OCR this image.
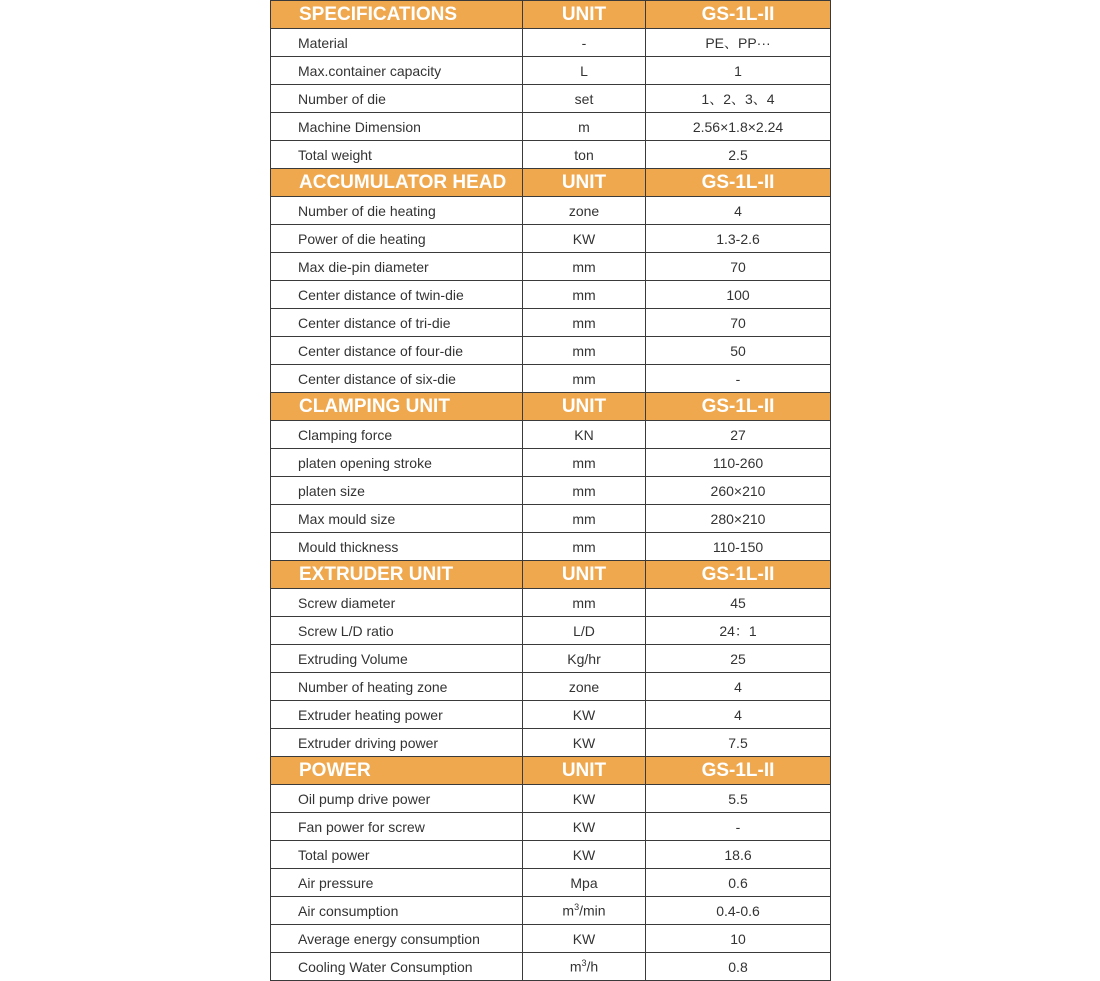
SPECIFICATIONS	UNIT	GS-1L-II
Material	-	PE、PP···
Max.container capacity	L	1
Number of die	set	1、2、3、4
Machine Dimension	m	2.56×1.8×2.24
Total weight	ton	2.5
ACCUMULATOR HEAD	UNIT	GS-1L-II
Number of die heating	zone	4
Power of die heating	KW	1.3-2.6
Max die-pin diameter	mm	70
Center distance of twin-die	mm	100
Center distance of tri-die	mm	70
Center distance of four-die	mm	50
Center distance of six-die	mm	-
CLAMPING UNIT	UNIT	GS-1L-II
Clamping force	KN	27
platen opening stroke	mm	110-260
platen size	mm	260×210
Max mould size	mm	280×210
Mould thickness	mm	110-150
EXTRUDER UNIT	UNIT	GS-1L-II
Screw diameter	mm	45
Screw L/D ratio	L/D	24：1
Extruding Volume	Kg/hr	25
Number of heating zone	zone	4
Extruder heating power	KW	4
Extruder driving power	KW	7.5
POWER	UNIT	GS-1L-II
Oil pump drive power	KW	5.5
Fan power for screw	KW	-
Total power	KW	18.6
Air pressure	Mpa	0.6
Air consumption	$m^3/\min$	0.4-0.6
Average energy consumption	KW	10
Cooling Water Consumption	$m^3/h$	0.8
